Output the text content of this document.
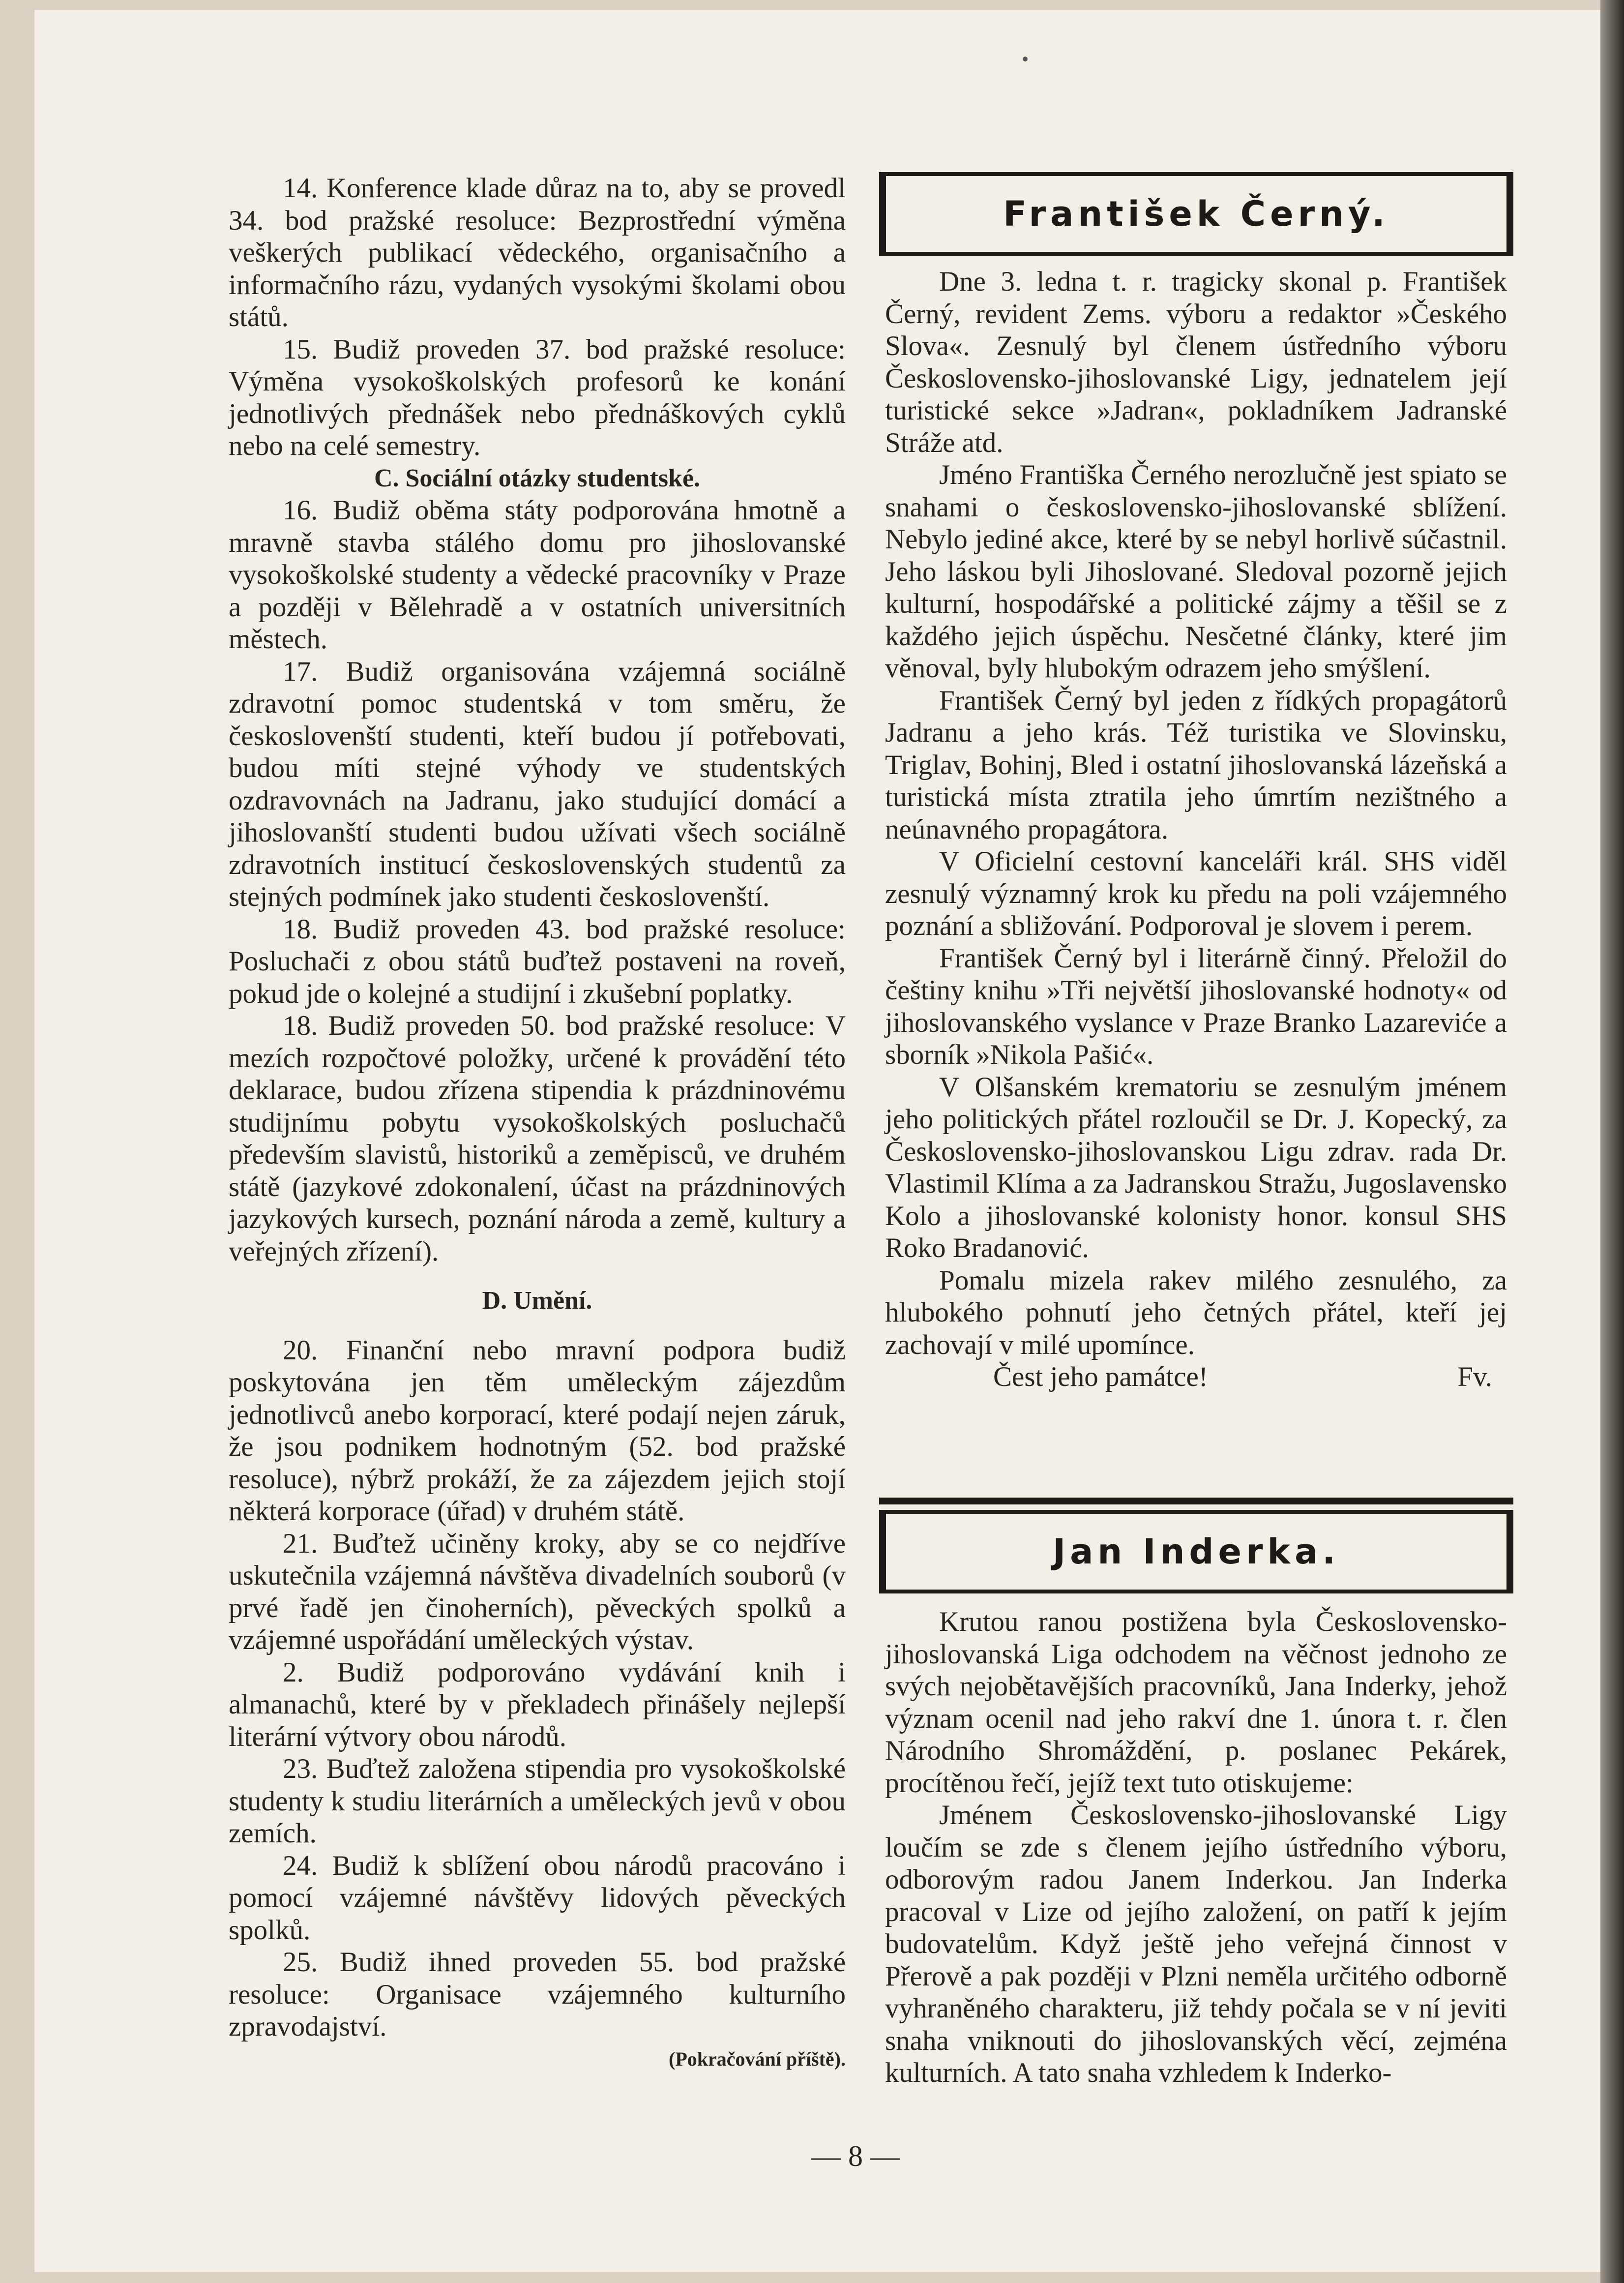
14. Konference klade důraz na to, aby se provedl 34. bod pražské resoluce: Bezprostřední výměna veškerých publikací vědeckého, organisačního a informačního rázu, vydaných vysokými školami obou států.

15. Budiž proveden 37. bod pražské resoluce: Výměna vysokoškolských profesorů ke konání jednotlivých přednášek nebo přednáškových cyklů nebo na celé semestry.

C. Sociální otázky studentské.

16. Budiž oběma státy podporována hmotně a mravně stavba stálého domu pro jihoslovanské vysokoškolské studenty a vědecké pracovníky v Praze a později v Bělehradě a v ostatních universitních městech.

17. Budiž organisována vzájemná sociálně zdravotní pomoc studentská v tom směru, že českoslovenští studenti, kteří budou jí potřebovati, budou míti stejné výhody ve studentských ozdravovnách na Jadranu, jako studující domácí a jihoslovanští studenti budou užívati všech sociálně zdravotních institucí československých studentů za stejných podmínek jako studenti českoslovenští.

18. Budiž proveden 43. bod pražské resoluce: Posluchači z obou států buďtež postaveni na roveň, pokud jde o kolejné a studijní i zkušební poplatky.

18. Budiž proveden 50. bod pražské resoluce: V mezích rozpočtové položky, určené k provádění této deklarace, budou zřízena stipendia k prázdninovému studijnímu pobytu vysokoškolských posluchačů především slavistů, historiků a zeměpisců, ve druhém státě (jazykové zdokonalení, účast na prázdninových jazykových kursech, poznání národa a země, kultury a veřejných zřízení).

D. Umění.

20. Finanční nebo mravní podpora budiž poskytována jen těm uměleckým zájezdům jednotlivců anebo korporací, které podají nejen záruk, že jsou podnikem hodnotným (52. bod pražské resoluce), nýbrž prokáží, že za zájezdem jejich stojí některá korporace (úřad) v druhém státě.

21. Buďtež učiněny kroky, aby se co nejdříve uskutečnila vzájemná návštěva divadelních souborů (v prvé řadě jen činoherních), pěveckých spolků a vzájemné uspořádání uměleckých výstav.

2. Budiž podporováno vydávání knih i almanachů, které by v překladech přinášely nejlepší literární výtvory obou národů.

23. Buďtež založena stipendia pro vysokoškolské studenty k studiu literárních a uměleckých jevů v obou zemích.

24. Budiž k sblížení obou národů pracováno i pomocí vzájemné návštěvy lidových pěveckých spolků.

25. Budiž ihned proveden 55. bod pražské resoluce: Organisace vzájemného kulturního zpravodajství.

(Pokračování příště).

František Černý.

Dne 3. ledna t. r. tragicky skonal p. František Černý, revident Zems. výboru a redaktor »Českého Slova«. Zesnulý byl členem ústředního výboru Československo-jihoslovanské Ligy, jednatelem její turistické sekce »Jadran«, pokladníkem Jadranské Stráže atd.

Jméno Františka Černého nerozlučně jest spiato se snahami o československo-jihoslovanské sblížení. Nebylo jediné akce, které by se nebyl horlivě súčastnil. Jeho láskou byli Jihoslované. Sledoval pozorně jejich kulturní, hospodářské a politické zájmy a těšil se z každého jejich úspěchu. Nesčetné články, které jim věnoval, byly hlubokým odrazem jeho smýšlení.

František Černý byl jeden z řídkých propagátorů Jadranu a jeho krás. Též turistika ve Slovinsku, Triglav, Bohinj, Bled i ostatní jihoslovanská lázeňská a turistická místa ztratila jeho úmrtím nezištného a neúnavného propagátora.

V Oficielní cestovní kanceláři král. SHS viděl zesnulý významný krok ku předu na poli vzájemného poznání a sbližování. Podporoval je slovem i perem.

František Černý byl i literárně činný. Přeložil do češtiny knihu »Tři největší jihoslovanské hodnoty« od jihoslovanského vyslance v Praze Branko Lazareviće a sborník »Nikola Pašić«.

V Olšanském krematoriu se zesnulým jménem jeho politických přátel rozloučil se Dr. J. Kopecký, za Československo-jihoslovanskou Ligu zdrav. rada Dr. Vlastimil Klíma a za Jadranskou Stražu, Jugoslavensko Kolo a jihoslovanské kolonisty honor. konsul SHS Roko Bradanović.

Pomalu mizela rakev milého zesnulého, za hlubokého pohnutí jeho četných přátel, kteří jej zachovají v milé upomínce.

Čest jeho památce!	Fv.

Jan Inderka.

Krutou ranou postižena byla Československo-jihoslovanská Liga odchodem na věčnost jednoho ze svých nejobětavějších pracovníků, Jana Inderky, jehož význam ocenil nad jeho rakví dne 1. února t. r. člen Národního Shromáždění, p. poslanec Pekárek, procítěnou řečí, jejíž text tuto otiskujeme:

Jménem Československo-jihoslovanské Ligy loučím se zde s členem jejího ústředního výboru, odborovým radou Janem Inderkou. Jan Inderka pracoval v Lize od jejího založení, on patří k jejím budovatelům. Když ještě jeho veřejná činnost v Přerově a pak později v Plzni neměla určitého odborně vyhraněného charakteru, již tehdy počala se v ní jeviti snaha vniknouti do jihoslovanských věcí, zejména kulturních. A tato snaha vzhledem k Inderko-

— 8 —
